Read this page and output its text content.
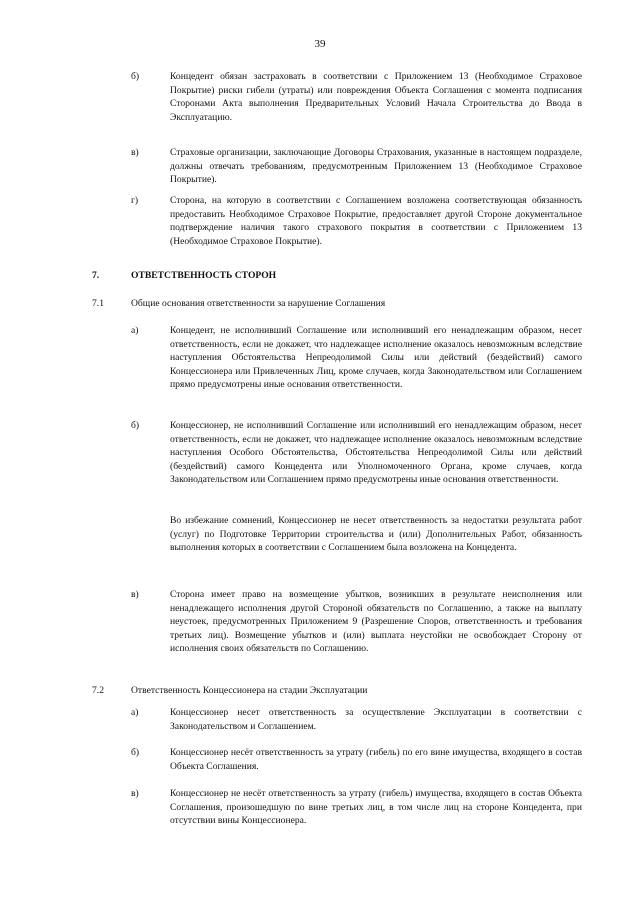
39
б)	Концедент обязан застраховать в соответствии с Приложением 13 (Необходимое Страховое Покрытие) риски гибели (утраты) или повреждения Объекта Соглашения с момента подписания Сторонами Акта выполнения Предварительных Условий Начала Строительства до Ввода в Эксплуатацию.
в)	Страховые организации, заключающие Договоры Страхования, указанные в настоящем подразделе, должны отвечать требованиям, предусмотренным Приложением 13 (Необходимое Страховое Покрытие).
г)	Сторона, на которую в соответствии с Соглашением возложена соответствующая обязанность предоставить Необходимое Страховое Покрытие, предоставляет другой Стороне документальное подтверждение наличия такого страхового покрытия в соответствии с Приложением 13 (Необходимое Страховое Покрытие).
7.	ОТВЕТСТВЕННОСТЬ СТОРОН
7.1	Общие основания ответственности за нарушение Соглашения
а)	Концедент, не исполнивший Соглашение или исполнивший его ненадлежащим образом, несет ответственность, если не докажет, что надлежащее исполнение оказалось невозможным вследствие наступления Обстоятельства Непреодолимой Силы или действий (бездействий) самого Концессионера или Привлеченных Лиц, кроме случаев, когда Законодательством или Соглашением прямо предусмотрены иные основания ответственности.
б)	Концессионер, не исполнивший Соглашение или исполнивший его ненадлежащим образом, несет ответственность, если не докажет, что надлежащее исполнение оказалось невозможным вследствие наступления Особого Обстоятельства, Обстоятельства Непреодолимой Силы или действий (бездействий) самого Концедента или Уполномоченного Органа, кроме случаев, когда Законодательством или Соглашением прямо предусмотрены иные основания ответственности.
Во избежание сомнений, Концессионер не несет ответственность за недостатки результата работ (услуг) по Подготовке Территории строительства и (или) Дополнительных Работ, обязанность выполнения которых в соответствии с Соглашением была возложена на Концедента.
в)	Сторона имеет право на возмещение убытков, возникших в результате неисполнения или ненадлежащего исполнения другой Стороной обязательств по Соглашению, а также на выплату неустоек, предусмотренных Приложением 9 (Разрешение Споров, ответственность и требования третьих лиц). Возмещение убытков и (или) выплата неустойки не освобождает Сторону от исполнения своих обязательств по Соглашению.
7.2	Ответственность Концессионера на стадии Эксплуатации
а)	Концессионер несет ответственность за осуществление Эксплуатации в соответствии с Законодательством и Соглашением.
б)	Концессионер несёт ответственность за утрату (гибель) по его вине имущества, входящего в состав Объекта Соглашения.
в)	Концессионер не несёт ответственность за утрату (гибель) имущества, входящего в состав Объекта Соглашения, произошедшую по вине третьих лиц, в том числе лиц на стороне Концедента, при отсутствии вины Концессионера.
